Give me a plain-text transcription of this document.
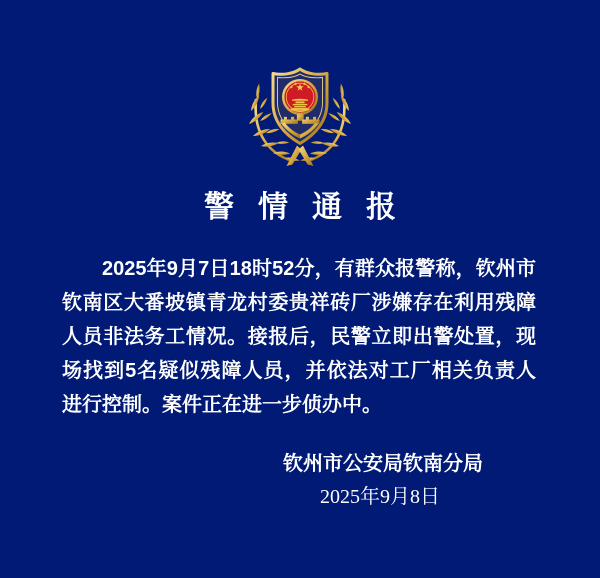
警情通报

2025年9月7日18时52分，有群众报警称，钦州市

钦南区大番坡镇青龙村委贵祥砖厂涉嫌存在利用残障

人员非法务工情况。接报后，民警立即出警处置，现

场找到5名疑似残障人员，并依法对工厂相关负责人

进行控制。案件正在进一步侦办中。

钦州市公安局钦南分局
2025年9月8日
